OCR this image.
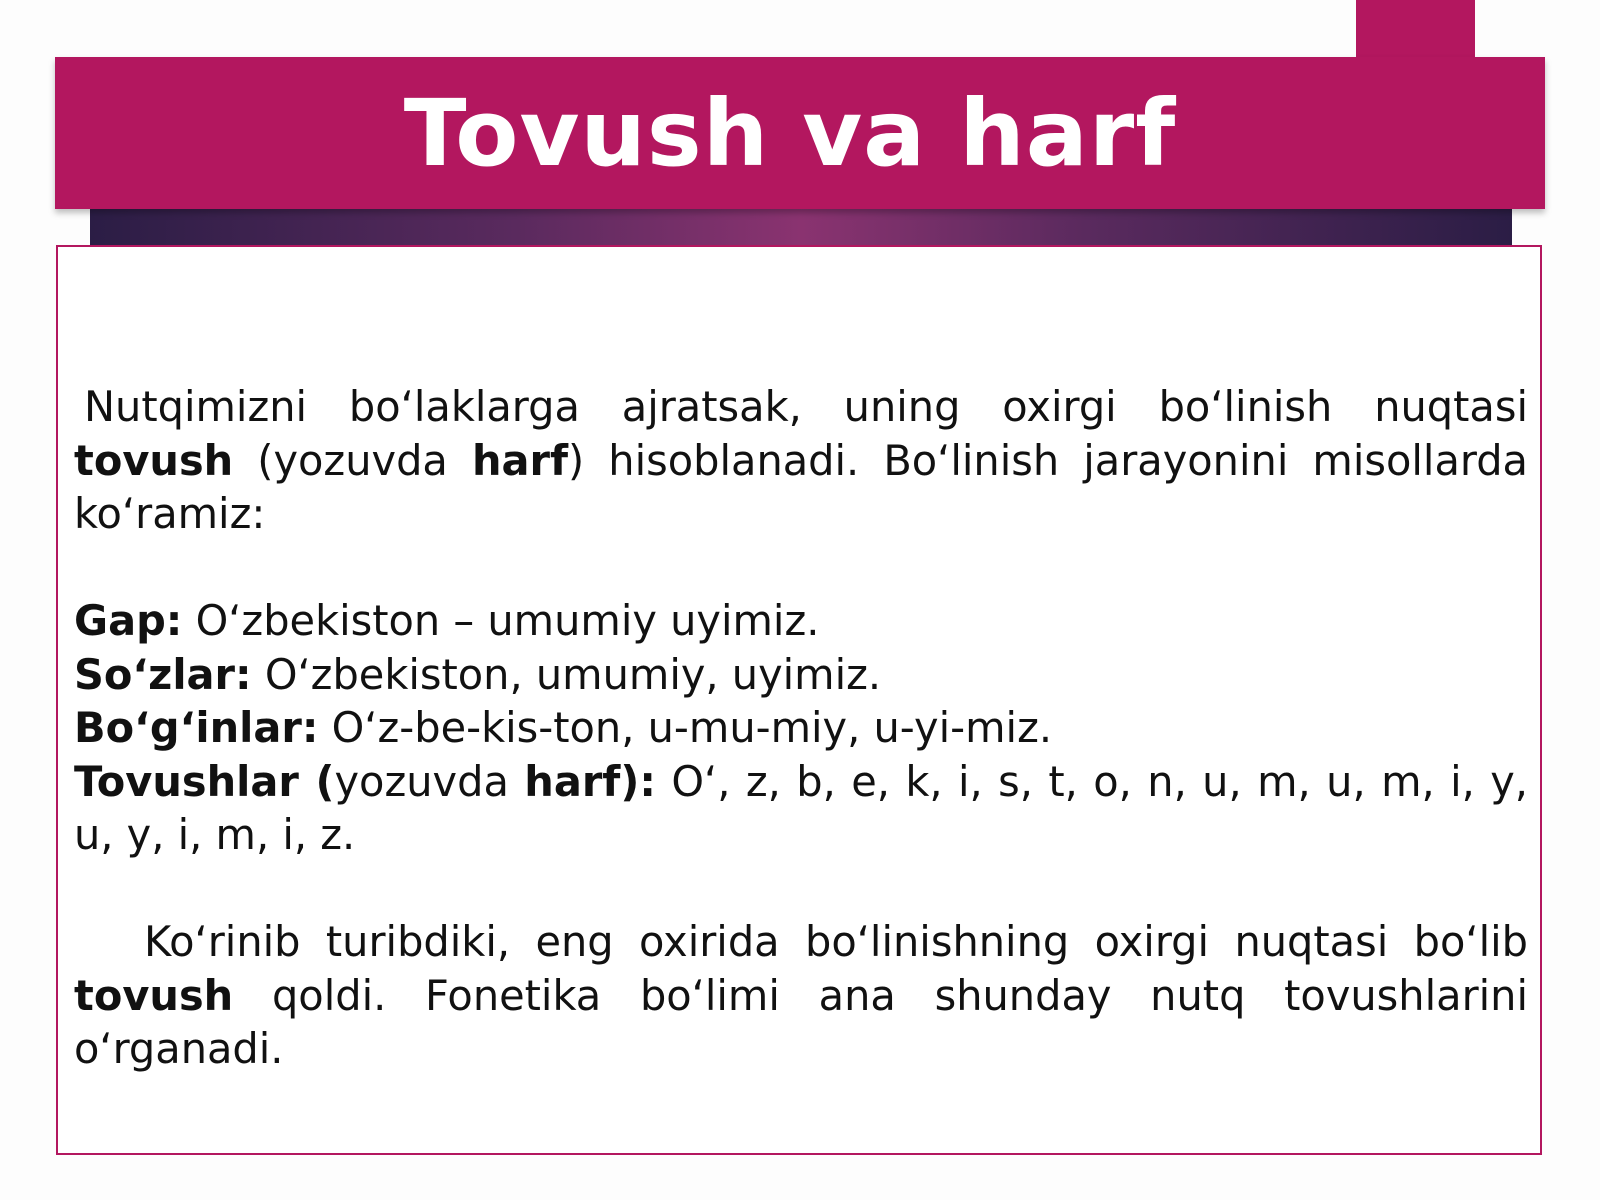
Tovush va harf

Nutqimizni bo‘laklarga ajratsak, uning oxirgi bo‘linish nuqtasi tovush (yozuvda harf) hisoblanadi. Bo‘linish jarayonini misollarda ko‘ramiz:

Gap: O‘zbekiston – umumiy uyimiz.

So‘zlar: O‘zbekiston, umumiy, uyimiz.

Bo‘g‘inlar: O‘z-be-kis-ton, u-mu-miy, u-yi-miz.

Tovushlar (yozuvda harf): O‘, z, b, e, k, i, s, t, o, n, u, m, u, m, i, y, u, y, i, m, i, z.

Ko‘rinib turibdiki, eng oxirida bo‘linishning oxirgi nuqtasi bo‘lib tovush qoldi. Fonetika bo‘limi ana shunday nutq tovushlarini o‘rganadi.
